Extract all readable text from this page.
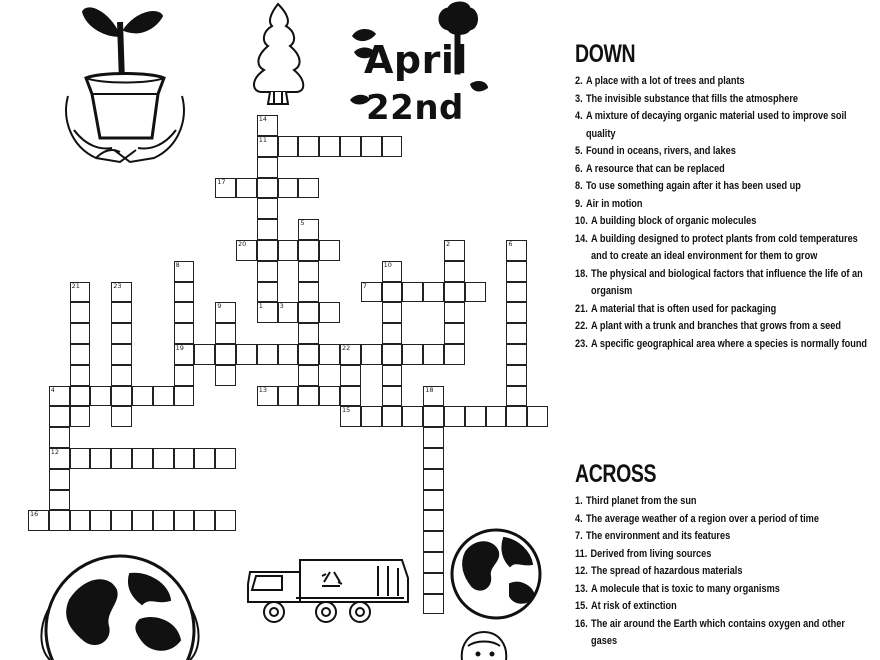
April
22nd
11
17
20
1	3
7
19	22
4	13
15
12
16
14
5
21	23
8
9
10
2	6
18
DOWN
2. A place with a lot of trees and plants
3. The invisible substance that fills the atmosphere
4. A mixture of decaying organic material used to improve soil quality
5. Found in oceans, rivers, and lakes
6. A resource that can be replaced
8. To use something again after it has been used up
9. Air in motion
10. A building block of organic molecules
14. A building designed to protect plants from cold temperatures and to create an ideal environment for them to grow
18. The physical and biological factors that influence the life of an organism
21. A material that is often used for packaging
22. A plant with a trunk and branches that grows from a seed
23. A specific geographical area where a species is normally found
ACROSS
1. Third planet from the sun
4. The average weather of a region over a period of time
7. The environment and its features
11. Derived from living sources
12. The spread of hazardous materials
13. A molecule that is toxic to many organisms
15. At risk of extinction
16. The air around the Earth which contains oxygen and other gases
